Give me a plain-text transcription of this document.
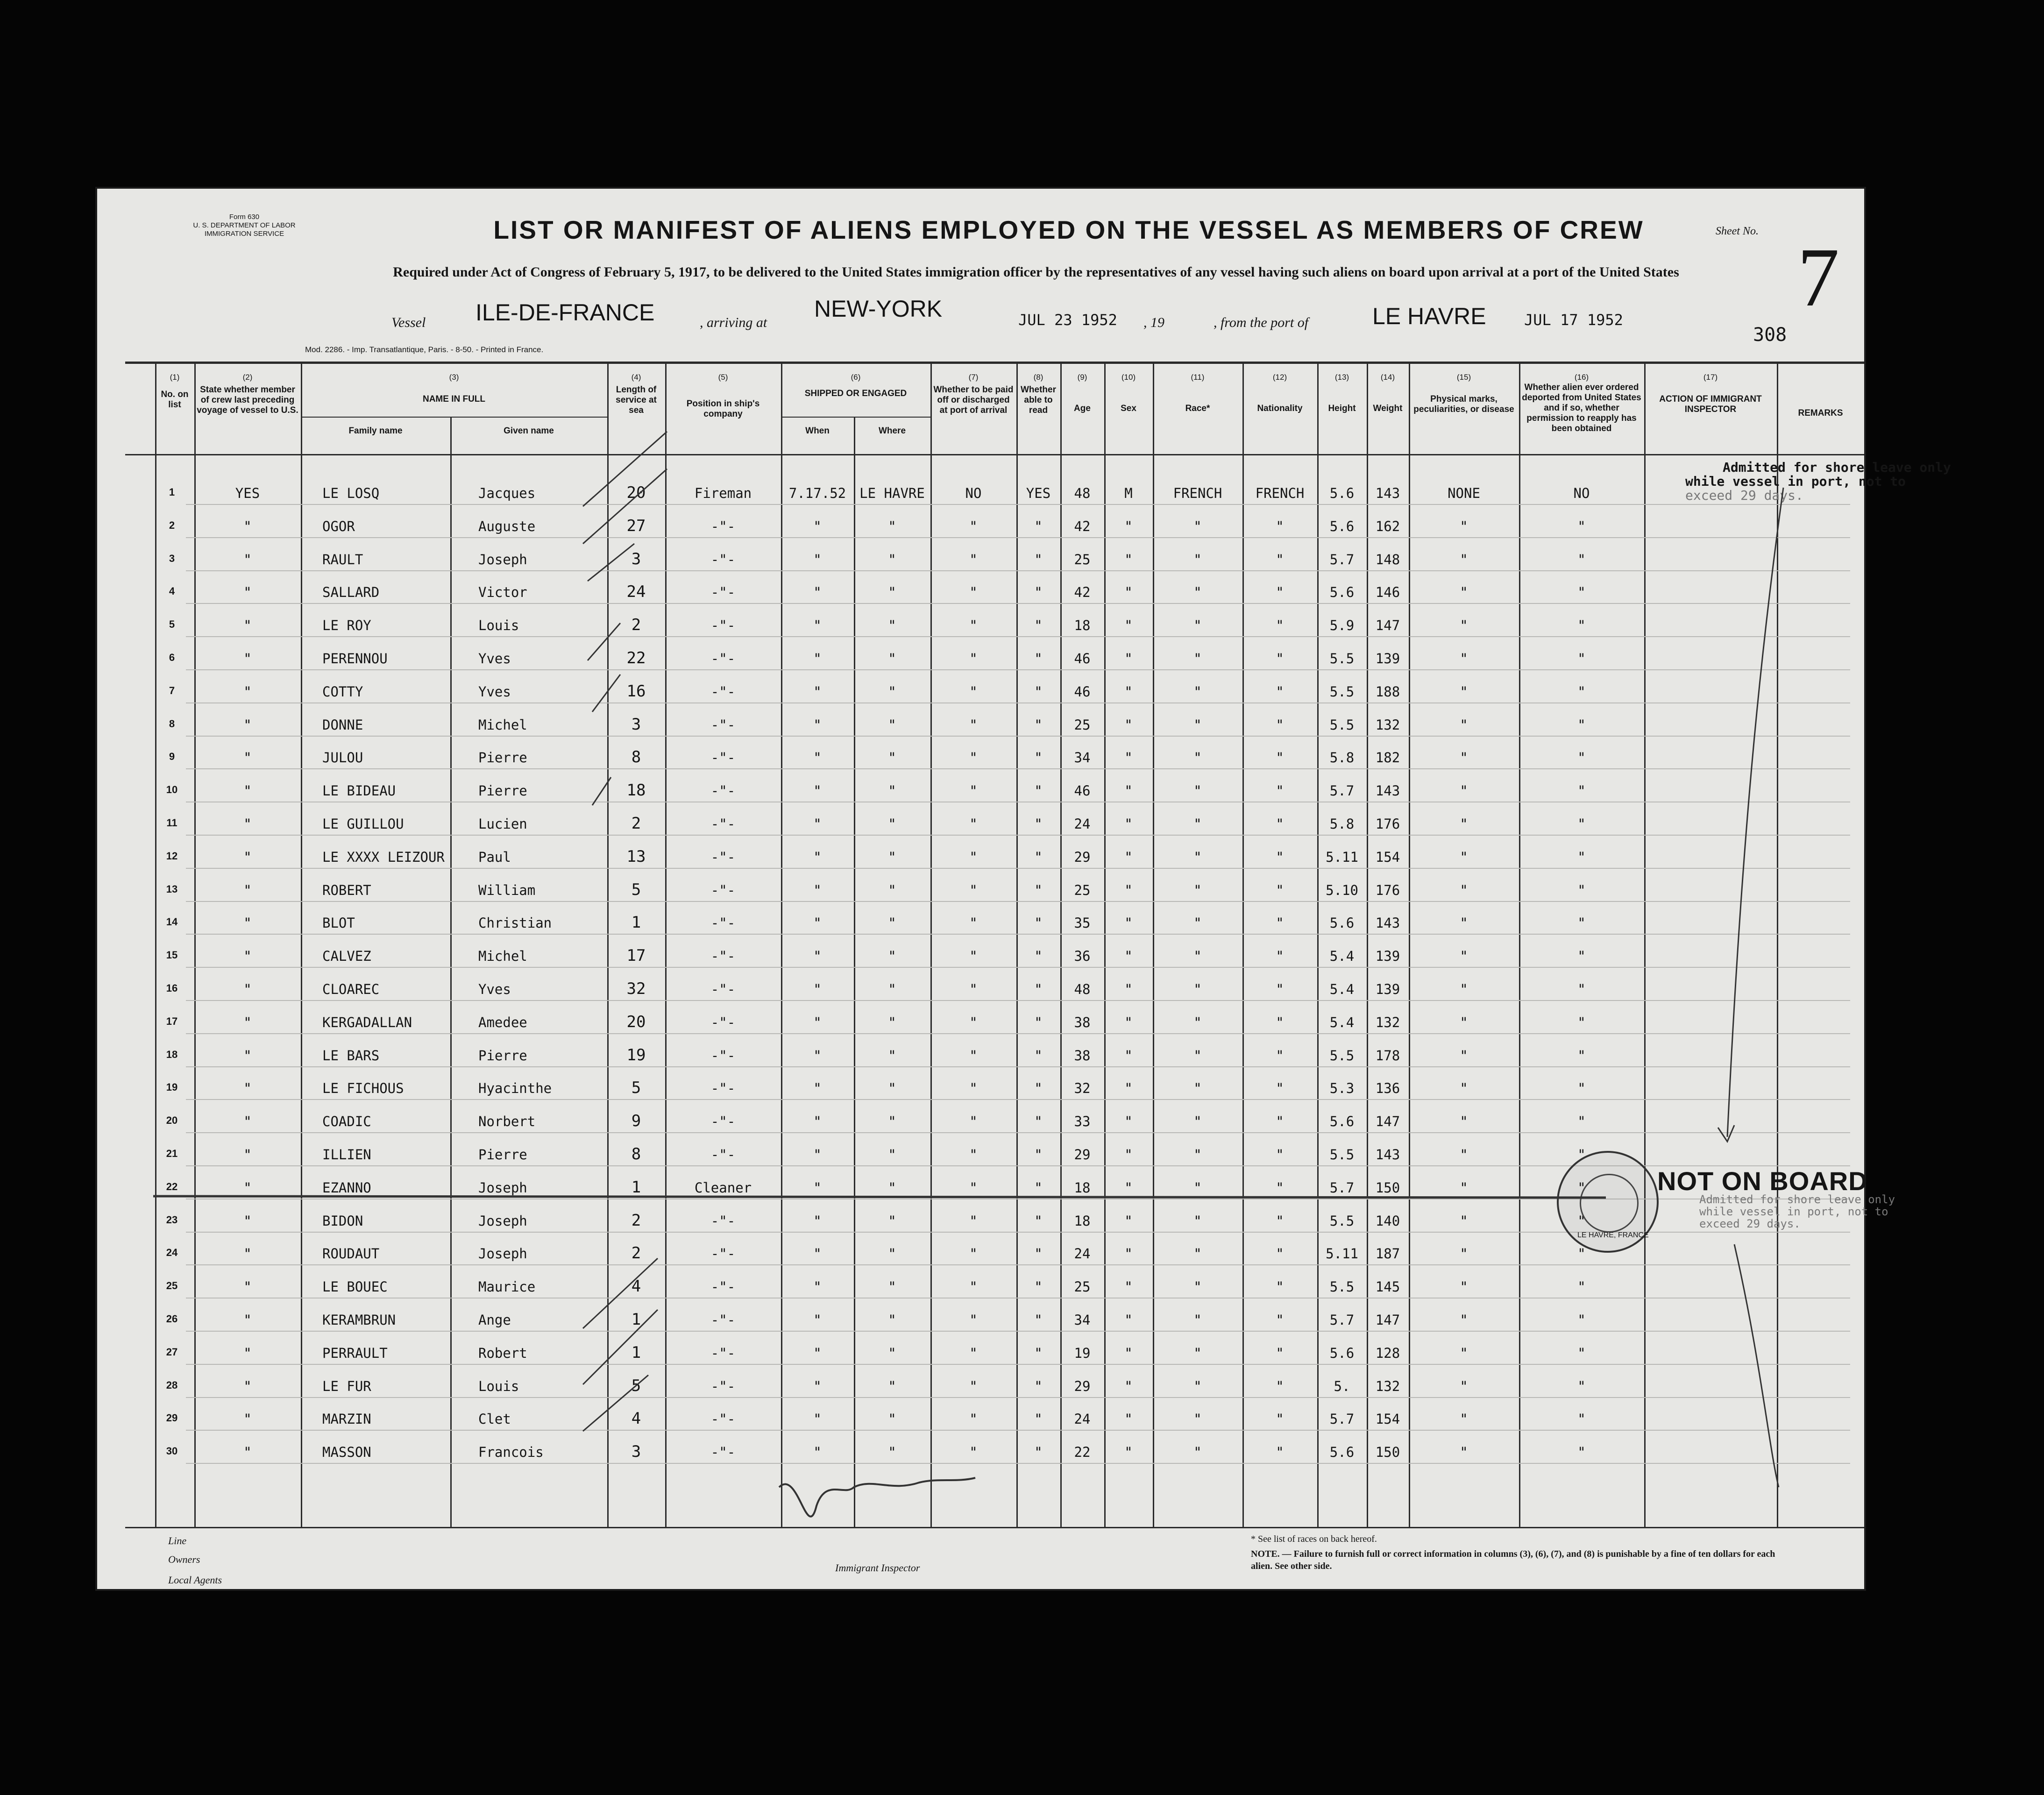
Form 630
U. S. DEPARTMENT OF LABOR
IMMIGRATION SERVICE	LIST OR MANIFEST OF ALIENS EMPLOYED ON THE VESSEL AS MEMBERS OF CREW	Sheet No. 7
Required under Act of Congress of February 5, 1917, to be delivered to the United States immigration officer by the representatives of any vessel having such aliens on board upon arrival at a port of the United States
Vessel ILE-DE-FRANCE	, arriving at
NEW-YORK	JUL 23 1952 , 19	, from the port of	LE HAVRE	JUL 17 1952
308
Mod. 2286. - Imp. Transatlantique, Paris. - 8-50. - Printed in France.
(1)
No. on list
(2)
State whether member of crew last preceding voyage of vessel to U.S.
(3)
NAME IN FULL
(4)
Length of service at sea
(5)
Position in ship's company
(6)
SHIPPED OR ENGAGED
(7)
Whether to be paid off or discharged at port of arrival
(8)
Whether able to read
(9)
Age
(10)
Sex
(11)
Race*
(12)
Nationality
(13)
Height
(14)
Weight
(15)
Physical marks, peculiarities, or disease
(16)
Whether alien ever ordered deported from United States and if so, whether permission to reapply has been obtained
(17)
ACTION OF IMMIGRANT INSPECTOR	REMARKS
Family name	Given name	When	Where
1	YES	LE LOSQ	Jacques	20	Fireman	7.17.52	LE HAVRE	NO	YES	48	M	FRENCH	FRENCH	5.6	143	NONE	NO
2	"	OGOR	Auguste	27	-"-	"	"	"	"	42	"	"	"	5.6	162	"	"
3	"	RAULT	Joseph	3	-"-	"	"	"	"	25	"	"	"	5.7	148	"	"
4	"	SALLARD	Victor	24	-"-	"	"	"	"	42	"	"	"	5.6	146	"	"
5	"	LE ROY	Louis	2	-"-	"	"	"	"	18	"	"	"	5.9	147	"	"
6	"	PERENNOU	Yves	22	-"-	"	"	"	"	46	"	"	"	5.5	139	"	"
7	"	COTTY	Yves	16	-"-	"	"	"	"	46	"	"	"	5.5	188	"	"
8	"	DONNE	Michel	3	-"-	"	"	"	"	25	"	"	"	5.5	132	"	"
9	"	JULOU	Pierre	8	-"-	"	"	"	"	34	"	"	"	5.8	182	"	"
10	"	LE BIDEAU	Pierre	18	-"-	"	"	"	"	46	"	"	"	5.7	143	"	"
11	"	LE GUILLOU	Lucien	2	-"-	"	"	"	"	24	"	"	"	5.8	176	"	"
12	"	LE XXXX LEIZOUR Paul	13	-"-	"	"	"	"	29	"	"	"	5.11	154	"	"
13	"	ROBERT	William	5	-"-	"	"	"	"	25	"	"	"	5.10	176	"	"
14	"	BLOT	Christian	1	-"-	"	"	"	"	35	"	"	"	5.6	143	"	"
15	"	CALVEZ	Michel	17	-"-	"	"	"	"	36	"	"	"	5.4	139	"	"
16	"	CLOAREC	Yves	32	-"-	"	"	"	"	48	"	"	"	5.4	139	"	"
17	"	KERGADALLAN	Amedee	20	-"-	"	"	"	"	38	"	"	"	5.4	132	"	"
18	"	LE BARS	Pierre	19	-"-	"	"	"	"	38	"	"	"	5.5	178	"	"
19	"	LE FICHOUS	Hyacinthe	5	-"-	"	"	"	"	32	"	"	"	5.3	136	"	"
20	"	COADIC	Norbert	9	-"-	"	"	"	"	33	"	"	"	5.6	147	"	"
21	"	ILLIEN	Pierre	8	-"-	"	"	"	"	29	"	"	"	5.5	143	"	"
22	"	EZANNO	Joseph	1	Cleaner	"	"	"	"	18	"	"	"	5.7	150	"	"
23	"	BIDON	Joseph	2	-"-	"	"	"	"	18	"	"	"	5.5	140	"	"
24	"	ROUDAUT	Joseph	2	-"-	"	"	"	"	24	"	"	"	5.11	187	"	"
25	"	LE BOUEC	Maurice	4	-"-	"	"	"	"	25	"	"	"	5.5	145	"	"
26	"	KERAMBRUN	Ange	1	-"-	"	"	"	"	34	"	"	"	5.7	147	"	"
27	"	PERRAULT	Robert	1	-"-	"	"	"	"	19	"	"	"	5.6	128	"	"
28	"	LE FUR	Louis	5	-"-	"	"	"	"	29	"	"	"	5.	132	"	"
29	"	MARZIN	Clet	4	-"-	"	"	"	"	24	"	"	"	5.7	154	"	"
30	"	MASSON	Francois	3	-"-	"	"	"	"	22	"	"	"	5.6	150	"	"
Admitted for shore leave only
while vessel in port, not to
exceed 29 days.
Admitted for shore leave only
while vessel in port, not to
exceed 29 days.
LE HAVRE, FRANCE
NOT ON BOARD
Line
Owners
Local Agents
Immigrant Inspector
* See list of races on back hereof.
NOTE. — Failure to furnish full or correct information in columns (3), (6), (7), and (8) is punishable by a fine of ten dollars for each alien. See other side.
